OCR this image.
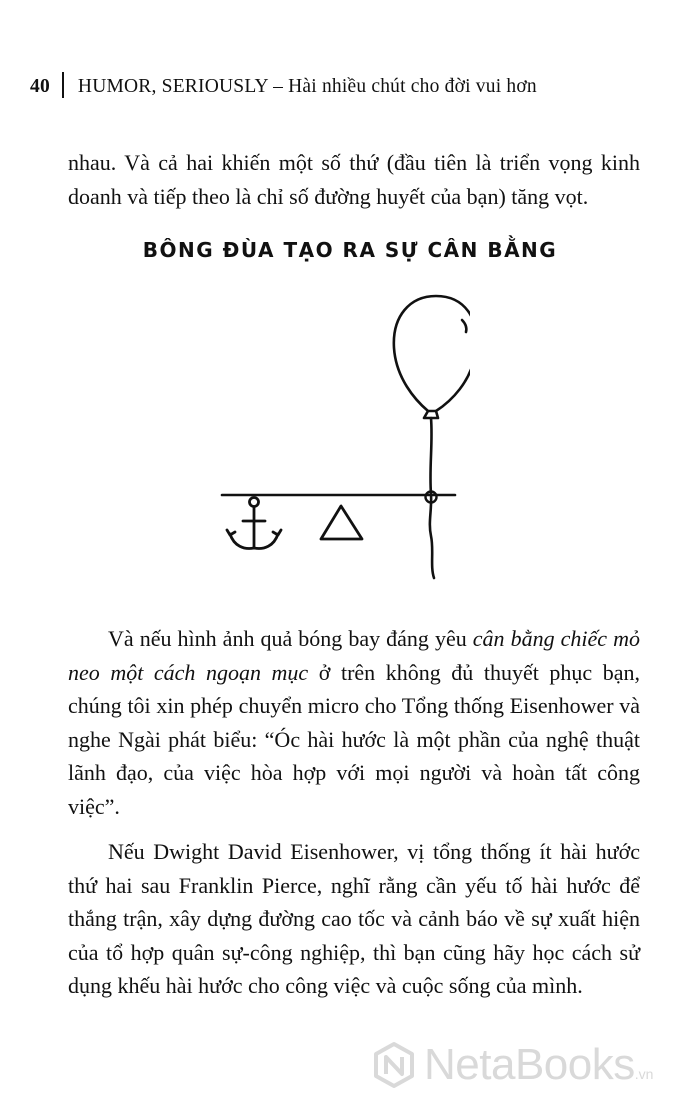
40 HUMOR, SERIOUSLY – Hài nhiều chút cho đời vui hơn

nhau. Và cả hai khiến một số thứ (đầu tiên là triển vọng kinh doanh và tiếp theo là chỉ số đường huyết của bạn) tăng vọt.

BÔNG ĐÙA TẠO RA SỰ CÂN BẰNG

Và nếu hình ảnh quả bóng bay đáng yêu cân bằng chiếc mỏ neo một cách ngoạn mục ở trên không đủ thuyết phục bạn, chúng tôi xin phép chuyển micro cho Tổng thống Eisenhower và nghe Ngài phát biểu: “Óc hài hước là một phần của nghệ thuật lãnh đạo, của việc hòa hợp với mọi người và hoàn tất công việc”.

Nếu Dwight David Eisenhower, vị tổng thống ít hài hước thứ hai sau Franklin Pierce, nghĩ rằng cần yếu tố hài hước để thắng trận, xây dựng đường cao tốc và cảnh báo về sự xuất hiện của tổ hợp quân sự-công nghiệp, thì bạn cũng hãy học cách sử dụng khếu hài hước cho công việc và cuộc sống của mình.

NetaBooks.vn
